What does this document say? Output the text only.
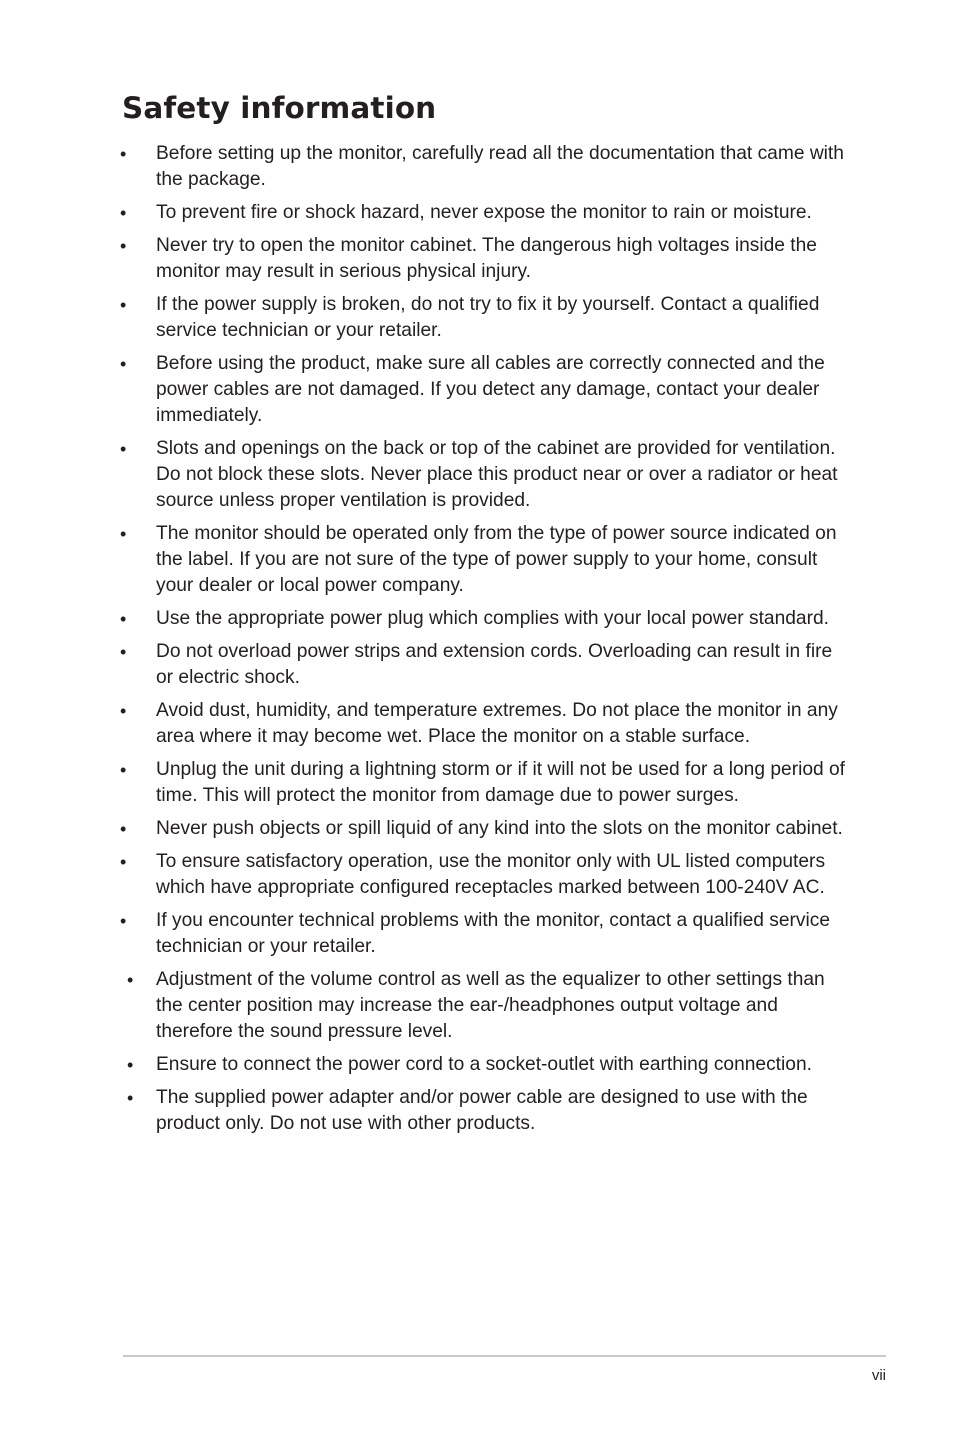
Safety information
•	Before setting up the monitor, carefully read all the documentation that came with the package.
•	To prevent fire or shock hazard, never expose the monitor to rain or moisture.
•	Never try to open the monitor cabinet. The dangerous high voltages inside the monitor may result in serious physical injury.
•	If the power supply is broken, do not try to fix it by yourself. Contact a qualified service technician or your retailer.
•	Before using the product, make sure all cables are correctly connected and the power cables are not damaged. If you detect any damage, contact your dealer immediately.
•	Slots and openings on the back or top of the cabinet are provided for ventilation. Do not block these slots. Never place this product near or over a radiator or heat source unless proper ventilation is provided.
•	The monitor should be operated only from the type of power source indicated on the label. If you are not sure of the type of power supply to your home, consult your dealer or local power company.
•	Use the appropriate power plug which complies with your local power standard.
•	Do not overload power strips and extension cords. Overloading can result in fire or electric shock.
•	Avoid dust, humidity, and temperature extremes. Do not place the monitor in any area where it may become wet. Place the monitor on a stable surface.
•	Unplug the unit during a lightning storm or if it will not be used for a long period of time. This will protect the monitor from damage due to power surges.
•	Never push objects or spill liquid of any kind into the slots on the monitor cabinet.
•	To ensure satisfactory operation, use the monitor only with UL listed computers which have appropriate configured receptacles marked between 100-240V AC.
•	If you encounter technical problems with the monitor, contact a qualified service technician or your retailer.
•	Adjustment of the volume control as well as the equalizer to other settings than the center position may increase the ear-/headphones output voltage and therefore the sound pressure level.
•	Ensure to connect the power cord to a socket-outlet with earthing connection.
•	The supplied power adapter and/or power cable are designed to use with the product only. Do not use with other products.
vii
